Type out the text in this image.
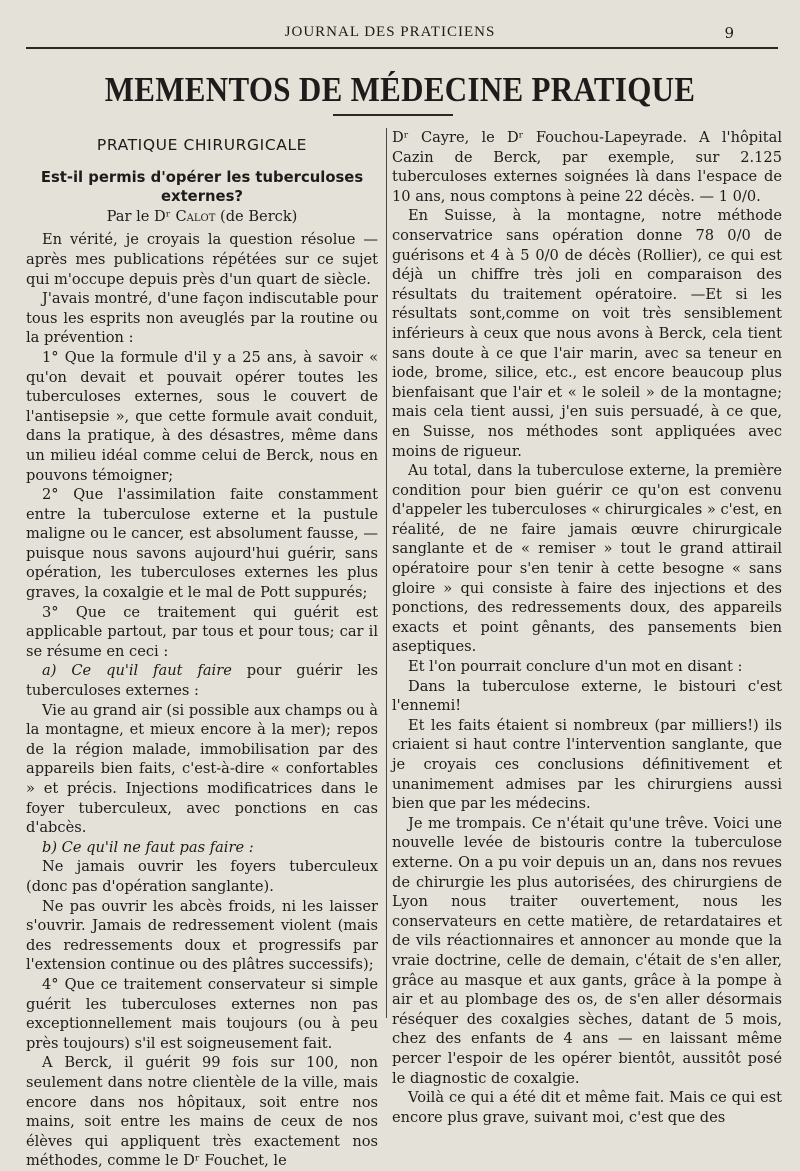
JOURNAL DES PRATICIENS	9
MEMENTOS DE MÉDECINE PRATIQUE
PRATIQUE CHIRURGICALE
Est-il permis d'opérer les tuberculoses externes?
Par le Dʳ Calot (de Berck)

En vérité, je croyais la question résolue — après mes publications répétées sur ce sujet qui m'occupe depuis près d'un quart de siècle.

J'avais montré, d'une façon indiscutable pour tous les esprits non aveuglés par la routine ou la prévention :

1° Que la formule d'il y a 25 ans, à savoir « qu'on devait et pouvait opérer toutes les tuberculoses externes, sous le couvert de l'antisepsie », que cette formule avait conduit, dans la pratique, à des désastres, même dans un milieu idéal comme celui de Berck, nous en pouvons témoigner;

2° Que l'assimilation faite constamment entre la tuberculose externe et la pustule maligne ou le cancer, est absolument fausse, — puisque nous savons aujourd'hui guérir, sans opération, les tuberculoses externes les plus graves, la coxalgie et le mal de Pott suppurés;

3° Que ce traitement qui guérit est applicable partout, par tous et pour tous; car il se résume en ceci :

a) Ce qu'il faut faire pour guérir les tuberculoses externes :

Vie au grand air (si possible aux champs ou à la montagne, et mieux encore à la mer); repos de la région malade, immobilisation par des appareils bien faits, c'est-à-dire « confortables » et précis. Injections modificatrices dans le foyer tuberculeux, avec ponctions en cas d'abcès.

b) Ce qu'il ne faut pas faire :

Ne jamais ouvrir les foyers tuberculeux (donc pas d'opération sanglante).

Ne pas ouvrir les abcès froids, ni les laisser s'ouvrir. Jamais de redressement violent (mais des redressements doux et progressifs par l'extension continue ou des plâtres successifs);

4° Que ce traitement conservateur si simple guérit les tuberculoses externes non pas exceptionnellement mais toujours (ou à peu près toujours) s'il est soigneusement fait.

A Berck, il guérit 99 fois sur 100, non seulement dans notre clientèle de la ville, mais encore dans nos hôpitaux, soit entre nos mains, soit entre les mains de ceux de nos élèves qui appliquent très exactement nos méthodes, comme le Dʳ Fouchet, le

Dʳ Cayre, le Dʳ Fouchou-Lapeyrade. A l'hôpital Cazin de Berck, par exemple, sur 2.125 tuberculoses externes soignées là dans l'espace de 10 ans, nous comptons à peine 22 décès. — 1 0/0.

En Suisse, à la montagne, notre méthode conservatrice sans opération donne 78 0/0 de guérisons et 4 à 5 0/0 de décès (Rollier), ce qui est déjà un chiffre très joli en comparaison des résultats du traitement opératoire. —Et si les résultats sont,comme on voit très sensiblement inférieurs à ceux que nous avons à Berck, cela tient sans doute à ce que l'air marin, avec sa teneur en iode, brome, silice, etc., est encore beaucoup plus bienfaisant que l'air et « le soleil » de la montagne; mais cela tient aussi, j'en suis persuadé, à ce que, en Suisse, nos méthodes sont appliquées avec moins de rigueur.

Au total, dans la tuberculose externe, la première condition pour bien guérir ce qu'on est convenu d'appeler les tuberculoses « chirurgicales » c'est, en réalité, de ne faire jamais œuvre chirurgicale sanglante et de « remiser » tout le grand attirail opératoire pour s'en tenir à cette besogne « sans gloire » qui consiste à faire des injections et des ponctions, des redressements doux, des appareils exacts et point gênants, des pansements bien aseptiques.

Et l'on pourrait conclure d'un mot en disant :

Dans la tuberculose externe, le bistouri c'est l'ennemi!

Et les faits étaient si nombreux (par milliers!) ils criaient si haut contre l'intervention sanglante, que je croyais ces conclusions définitivement et unanimement admises par les chirurgiens aussi bien que par les médecins.

Je me trompais. Ce n'était qu'une trêve. Voici une nouvelle levée de bistouris contre la tuberculose externe. On a pu voir depuis un an, dans nos revues de chirurgie les plus autorisées, des chirurgiens de Lyon nous traiter ouvertement, nous les conservateurs en cette matière, de retardataires et de vils réactionnaires et annoncer au monde que la vraie doctrine, celle de demain, c'était de s'en aller, grâce au masque et aux gants, grâce à la pompe à air et au plombage des os, de s'en aller désormais réséquer des coxalgies sèches, datant de 5 mois, chez des enfants de 4 ans — en laissant même percer l'espoir de les opérer bientôt, aussitôt posé le diagnostic de coxalgie.

Voilà ce qui a été dit et même fait. Mais ce qui est encore plus grave, suivant moi, c'est que des
